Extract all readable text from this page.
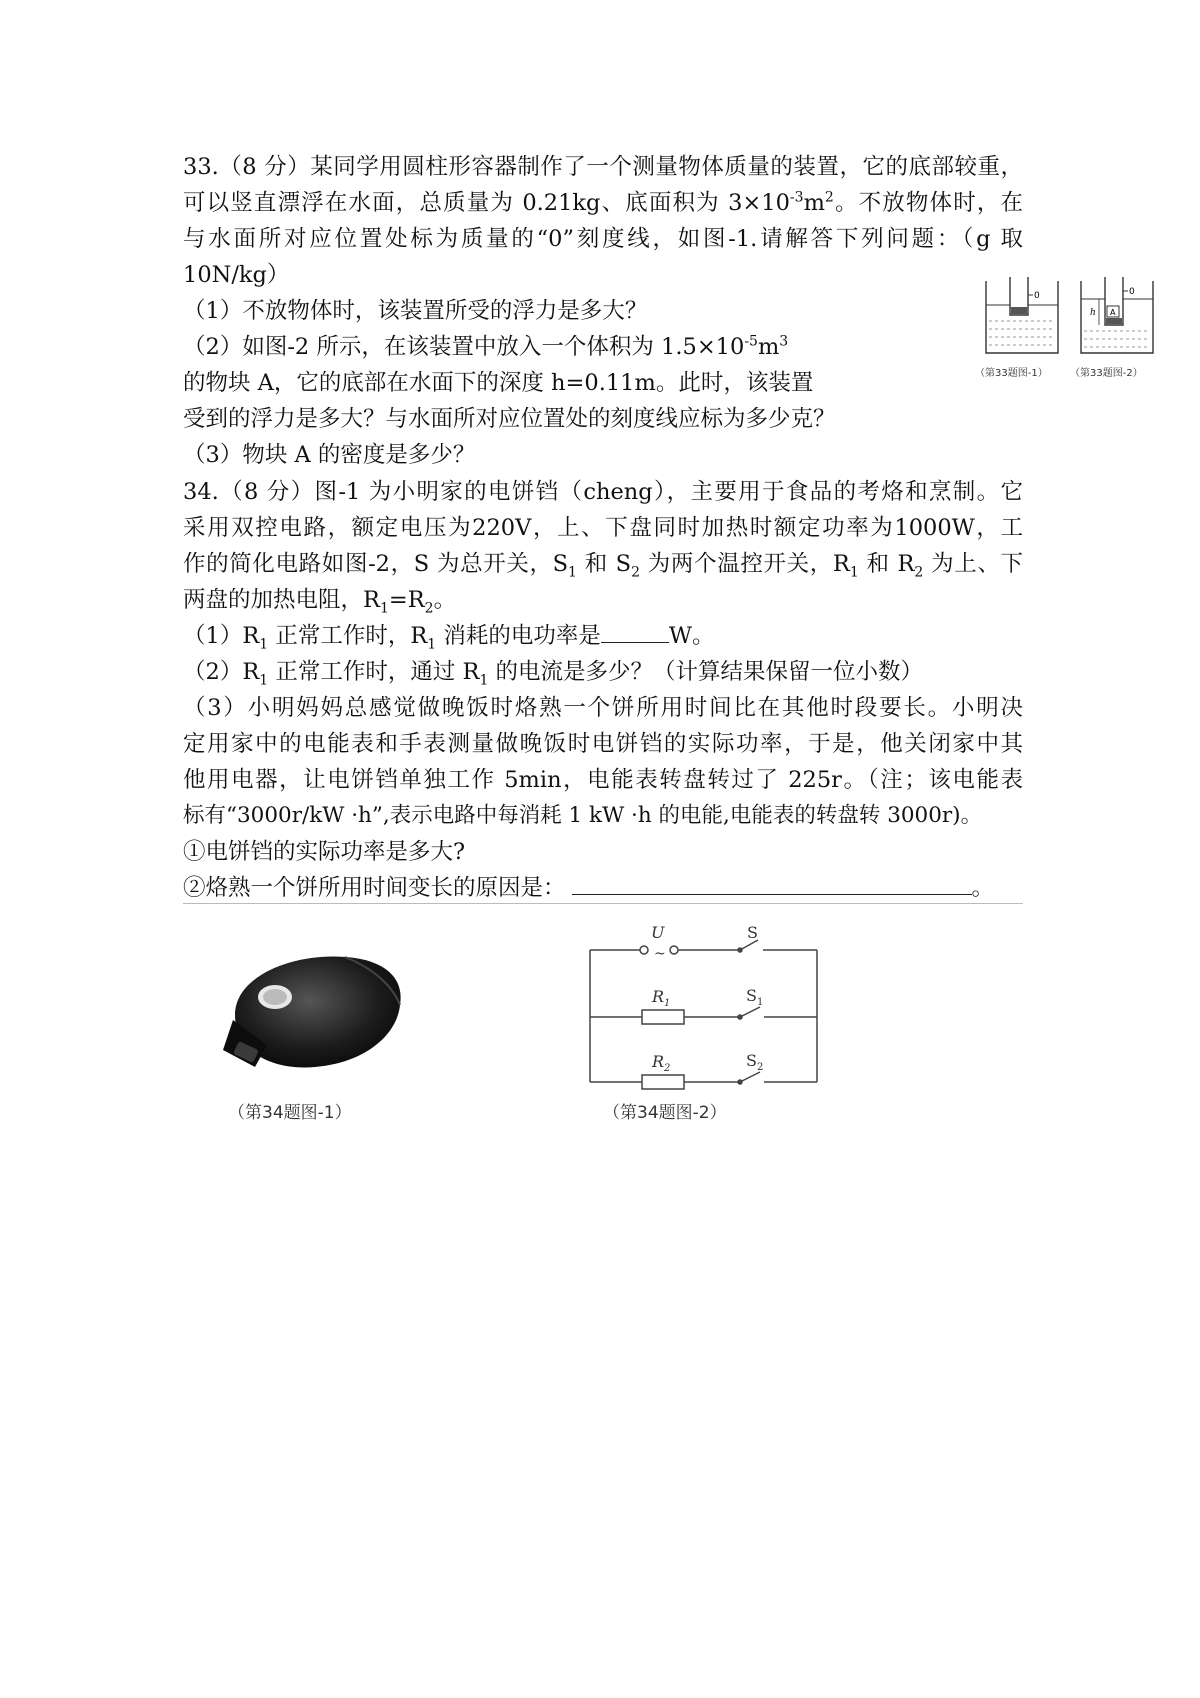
33.（8 分）某同学用圆柱形容器制作了一个测量物体质量的装置，它的底部较重，
可以竖直漂浮在水面，总质量为 0.21kg、底面积为 $3\times 10^{-3}m^2$。不放物体时，在
与水面所对应位置处标为质量的“0”刻度线，如图-1.请解答下列问题：（g 取
10N/kg）
（1）不放物体时，该装置所受的浮力是多大？
（2）如图-2 所示，在该装置中放入一个体积为 $1.5\times 10^{-5}m^3$
的物块 A，它的底部在水面下的深度 h=0.11m。此时，该装置
受到的浮力是多大？与水面所对应位置处的刻度线应标为多少克？
（3）物块 A 的密度是多少？
0
（第33题图-1）
A
h
0
（第33题图-2）
34.（8 分）图-1 为小明家的电饼铛（cheng），主要用于食品的考烙和烹制。它
采用双控电路，额定电压为220V，上、下盘同时加热时额定功率为1000W，工
作的简化电路如图-2，S 为总开关，$S_1$ 和 $S_2$ 为两个温控开关，$R_1$ 和 $R_2$ 为上、下
两盘的加热电阻，$R_1=R_2$。
$(1)R_1$ 正常工作时，$R_1$ 消耗的电功率是	W。
$(2)R_1$ 正常工作时，通过 $R_1$ 的电流是多少？（计算结果保留一位小数）
（3）小明妈妈总感觉做晚饭时烙熟一个饼所用时间比在其他时段要长。小明决
定用家中的电能表和手表测量做晚饭时电饼铛的实际功率，于是，他关闭家中其
他用电器，让电饼铛单独工作 5min，电能表转盘转过了 225r。（注；该电能表
标有“3000r/kW ·h”,表示电路中每消耗 1 kW ·h 的电能,电能表的转盘转 3000r)。
①电饼铛的实际功率是多大?
②烙熟一个饼所用时间变长的原因是：	。
（第34题图-1）
U	S
R 1	S 1
R 2	S 2
~
（第34题图-2）
